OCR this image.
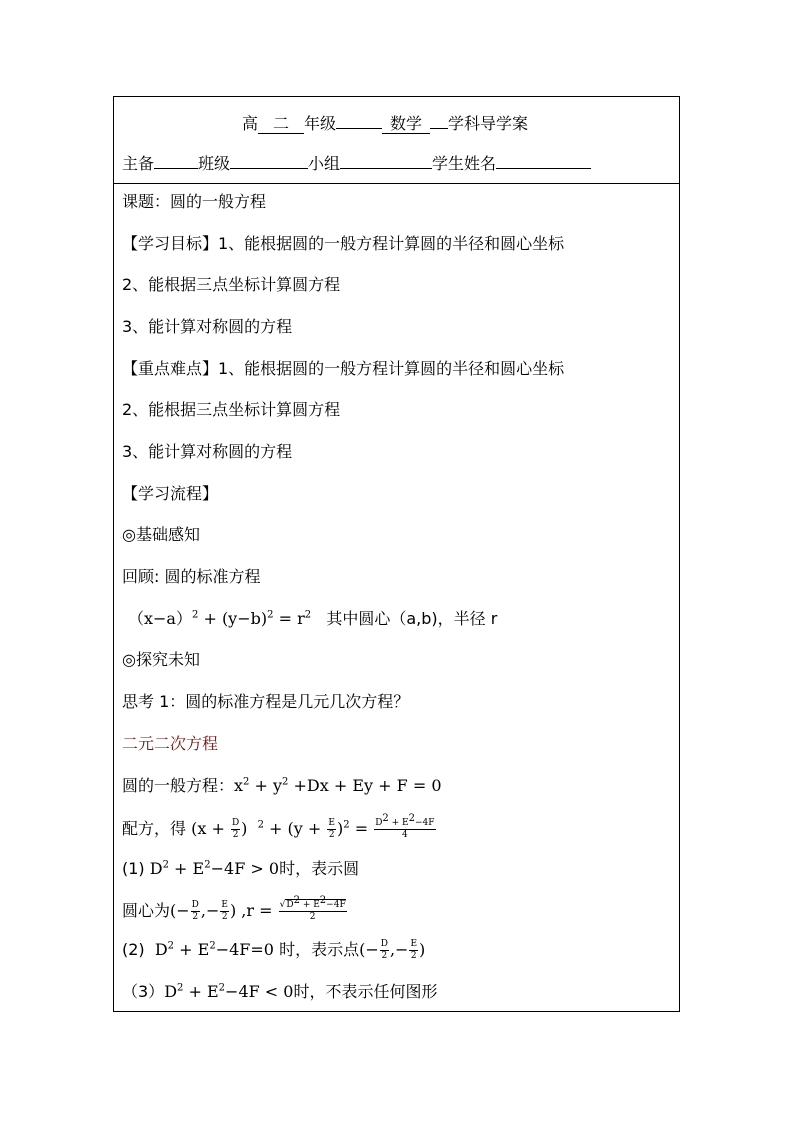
高 二 年级	数学 学科导学案
主备	班级	小组	学生姓名
课题：圆的一般方程
【学习目标】1、能根据圆的一般方程计算圆的半径和圆心坐标
2、能根据三点坐标计算圆方程
3、能计算对称圆的方程
【重点难点】1、能根据圆的一般方程计算圆的半径和圆心坐标
2、能根据三点坐标计算圆方程
3、能计算对称圆的方程
【学习流程】
◎基础感知
回顾: 圆的标准方程
$(x-a)^2 + (y-b)^2 = r^2$ 其中圆心（a,b)，半径 r
◎探究未知
思考 1：圆的标准方程是几元几次方程？
二元二次方程
圆的一般方程：$x^2 + y^2 +Dx + Ey + F = 0$
配方，得 ($x + \frac{D}{2}$ )  $^2 + (y + \frac{E}{2} )^2 = \frac{D^2 + E^2-4F}{4}$
(1) $D^2 + E^2-4F > 0$时，表示圆
圆心为(− $\frac{D}{2}$ ,− $\frac{E}{2}$ ) $,r = \frac{√D^2 + E^2-4F}{2}$
(2) $D^2 + E^2-4F=0$ 时，表示点(− $\frac{D}{2}$ ,− $\frac{E}{2}$ )
$(3)D^2 + E^2-4F < 0$时，不表示任何图形
